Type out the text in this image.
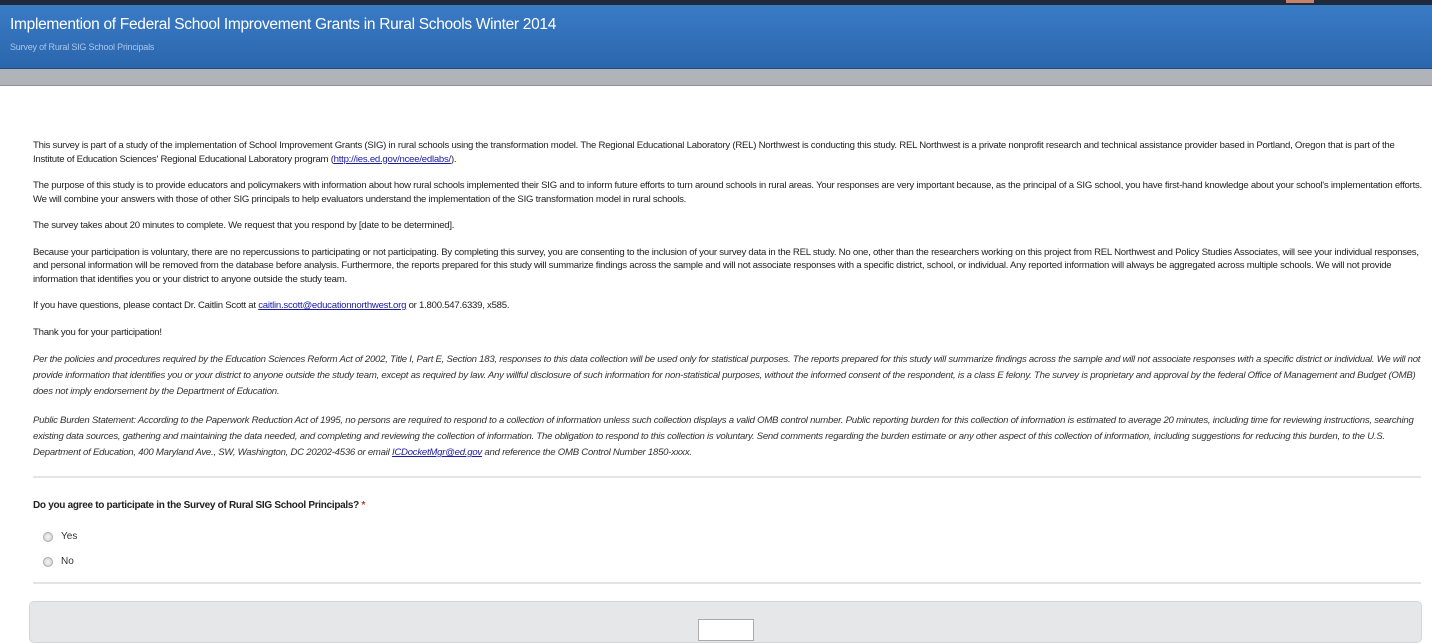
Implemention of Federal School Improvement Grants in Rural Schools Winter 2014
Survey of Rural SIG School Principals

This survey is part of a study of the implementation of School Improvement Grants (SIG) in rural schools using the transformation model. The Regional Educational Laboratory (REL) Northwest is conducting this study. REL Northwest is a private nonprofit research and technical assistance provider based in Portland, Oregon that is part of the Institute of Education Sciences' Regional Educational Laboratory program (http://ies.ed.gov/ncee/edlabs/).

The purpose of this study is to provide educators and policymakers with information about how rural schools implemented their SIG and to inform future efforts to turn around schools in rural areas. Your responses are very important because, as the principal of a SIG school, you have first-hand knowledge about your school's implementation efforts. We will combine your answers with those of other SIG principals to help evaluators understand the implementation of the SIG transformation model in rural schools.

The survey takes about 20 minutes to complete. We request that you respond by [date to be determined].

Because your participation is voluntary, there are no repercussions to participating or not participating. By completing this survey, you are consenting to the inclusion of your survey data in the REL study. No one, other than the researchers working on this project from REL Northwest and Policy Studies Associates, will see your individual responses, and personal information will be removed from the database before analysis. Furthermore, the reports prepared for this study will summarize findings across the sample and will not associate responses with a specific district, school, or individual. Any reported information will always be aggregated across multiple schools. We will not provide information that identifies you or your district to anyone outside the study team.

If you have questions, please contact Dr. Caitlin Scott at caitlin.scott@educationnorthwest.org or 1.800.547.6339, x585.

Thank you for your participation!

Per the policies and procedures required by the Education Sciences Reform Act of 2002, Title I, Part E, Section 183, responses to this data collection will be used only for statistical purposes. The reports prepared for this study will summarize findings across the sample and will not associate responses with a specific district or individual. We will not provide information that identifies you or your district to anyone outside the study team, except as required by law. Any willful disclosure of such information for non-statistical purposes, without the informed consent of the respondent, is a class E felony. The survey is proprietary and approval by the federal Office of Management and Budget (OMB) does not imply endorsement by the Department of Education.

Public Burden Statement: According to the Paperwork Reduction Act of 1995, no persons are required to respond to a collection of information unless such collection displays a valid OMB control number. Public reporting burden for this collection of information is estimated to average 20 minutes, including time for reviewing instructions, searching existing data sources, gathering and maintaining the data needed, and completing and reviewing the collection of information. The obligation to respond to this collection is voluntary. Send comments regarding the burden estimate or any other aspect of this collection of information, including suggestions for reducing this burden, to the U.S. Department of Education, 400 Maryland Ave., SW, Washington, DC 20202-4536 or email ICDocketMgr@ed.gov and reference the OMB Control Number 1850-xxxx.

Do you agree to participate in the Survey of Rural SIG School Principals? *
Yes
No
